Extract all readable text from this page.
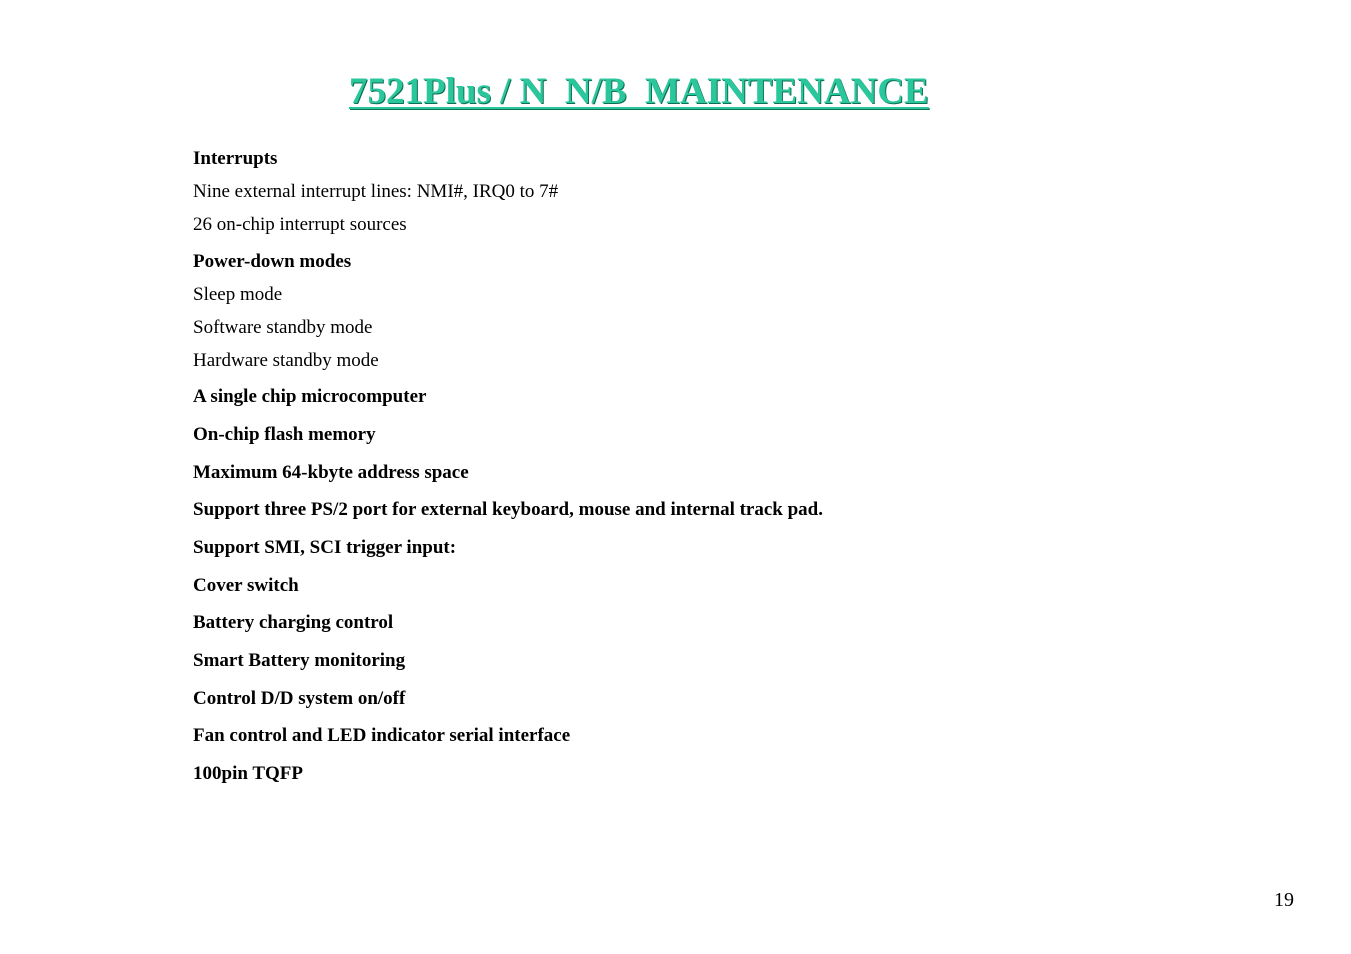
7521Plus / N  N/B  MAINTENANCE

Interrupts

Nine external interrupt lines: NMI#, IRQ0 to 7#

26 on-chip interrupt sources

Power-down modes

Sleep mode

Software standby mode

Hardware standby mode

A single chip microcomputer

On-chip flash memory

Maximum 64-kbyte address space

Support three PS/2 port for external keyboard, mouse and internal track pad.

Support SMI, SCI trigger input:

Cover switch

Battery charging control

Smart Battery monitoring

Control D/D system on/off

Fan control and LED indicator serial interface

100pin TQFP

19
